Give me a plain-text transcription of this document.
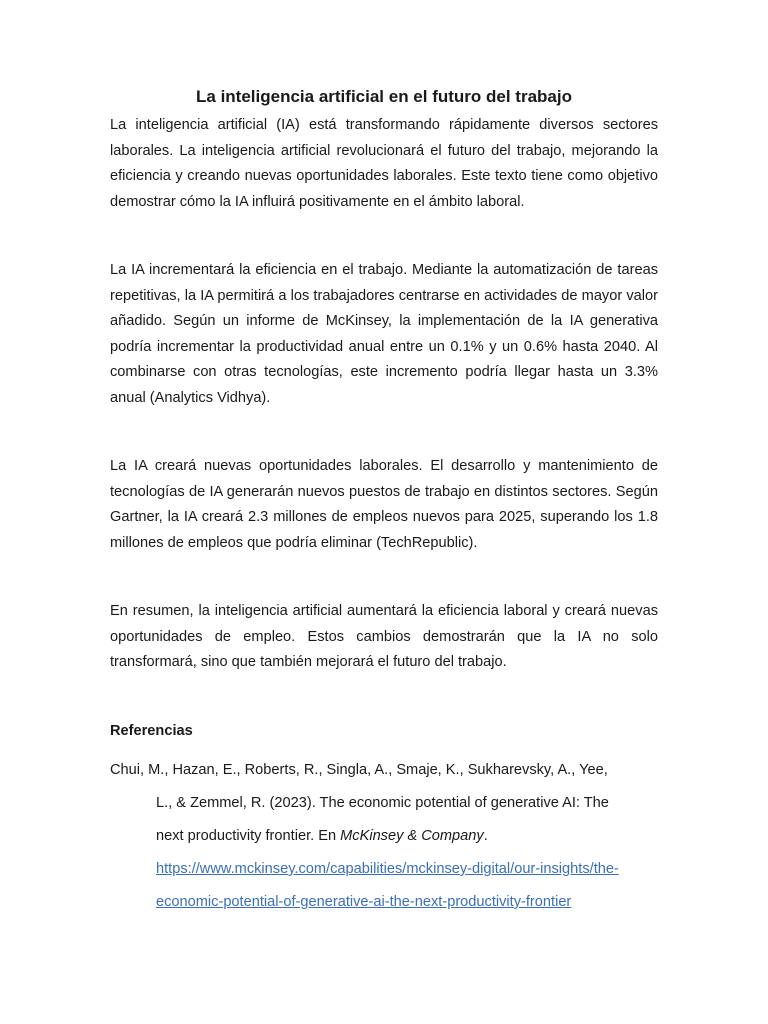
La inteligencia artificial en el futuro del trabajo

La inteligencia artificial (IA) está transformando rápidamente diversos sectores laborales. La inteligencia artificial revolucionará el futuro del trabajo, mejorando la eficiencia y creando nuevas oportunidades laborales. Este texto tiene como objetivo demostrar cómo la IA influirá positivamente en el ámbito laboral.

La IA incrementará la eficiencia en el trabajo. Mediante la automatización de tareas repetitivas, la IA permitirá a los trabajadores centrarse en actividades de mayor valor añadido. Según un informe de McKinsey, la implementación de la IA generativa podría incrementar la productividad anual entre un 0.1% y un 0.6% hasta 2040. Al combinarse con otras tecnologías, este incremento podría llegar hasta un 3.3% anual (Analytics Vidhya).

La IA creará nuevas oportunidades laborales. El desarrollo y mantenimiento de tecnologías de IA generarán nuevos puestos de trabajo en distintos sectores. Según Gartner, la IA creará 2.3 millones de empleos nuevos para 2025, superando los 1.8 millones de empleos que podría eliminar (TechRepublic).

En resumen, la inteligencia artificial aumentará la eficiencia laboral y creará nuevas oportunidades de empleo. Estos cambios demostrarán que la IA no solo transformará, sino que también mejorará el futuro del trabajo.

Referencias
Chui, M., Hazan, E., Roberts, R., Singla, A., Smaje, K., Sukharevsky, A., Yee,
L., & Zemmel, R. (2023). The economic potential of generative AI: The
next productivity frontier. En McKinsey & Company.
https://www.mckinsey.com/capabilities/mckinsey-digital/our-insights/the-
economic-potential-of-generative-ai-the-next-productivity-frontier
